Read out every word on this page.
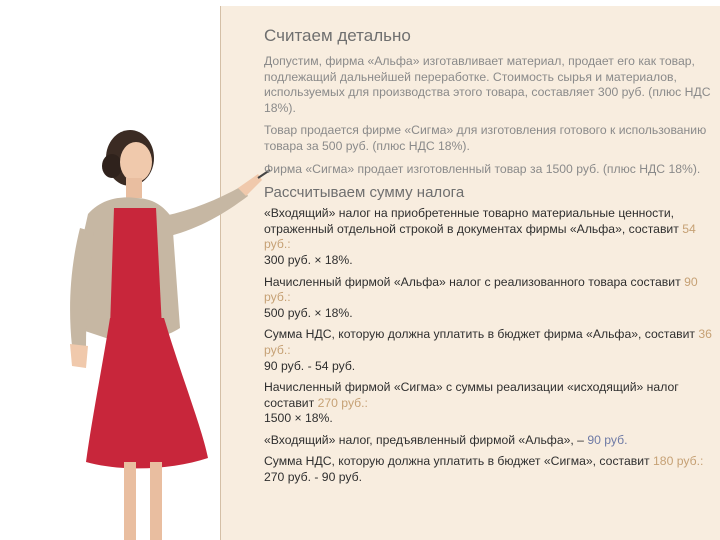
Считаем детально
Допустим, фирма «Альфа» изготавливает материал, продает его как товар, подлежащий дальнейшей переработке. Стоимость сырья и материалов, используемых для производства этого товара, составляет 300 руб. (плюс НДС 18%).
Товар продается фирме «Сигма» для изготовления готового к использованию товара за 500 руб. (плюс НДС 18%).
Фирма «Сигма» продает изготовленный товар за 1500 руб. (плюс НДС 18%).
Рассчитываем сумму налога
«Входящий» налог на приобретенные товарно материальные ценности, отраженный отдельной строкой в документах фирмы «Альфа», составит 54 руб.:
300 руб. × 18%.
Начисленный фирмой «Альфа» налог с реализованного товара составит 90 руб.:
500 руб. × 18%.
Сумма НДС, которую должна уплатить в бюджет фирма «Альфа», составит 36 руб.:
90 руб. - 54 руб.
Начисленный фирмой «Сигма» с суммы реализации «исходящий» налог составит 270 руб.:
1500 × 18%.
«Входящий» налог, предъявленный фирмой «Альфа», – 90 руб.
Сумма НДС, которую должна уплатить в бюджет «Сигма», составит 180 руб.:
270 руб. - 90 руб.
